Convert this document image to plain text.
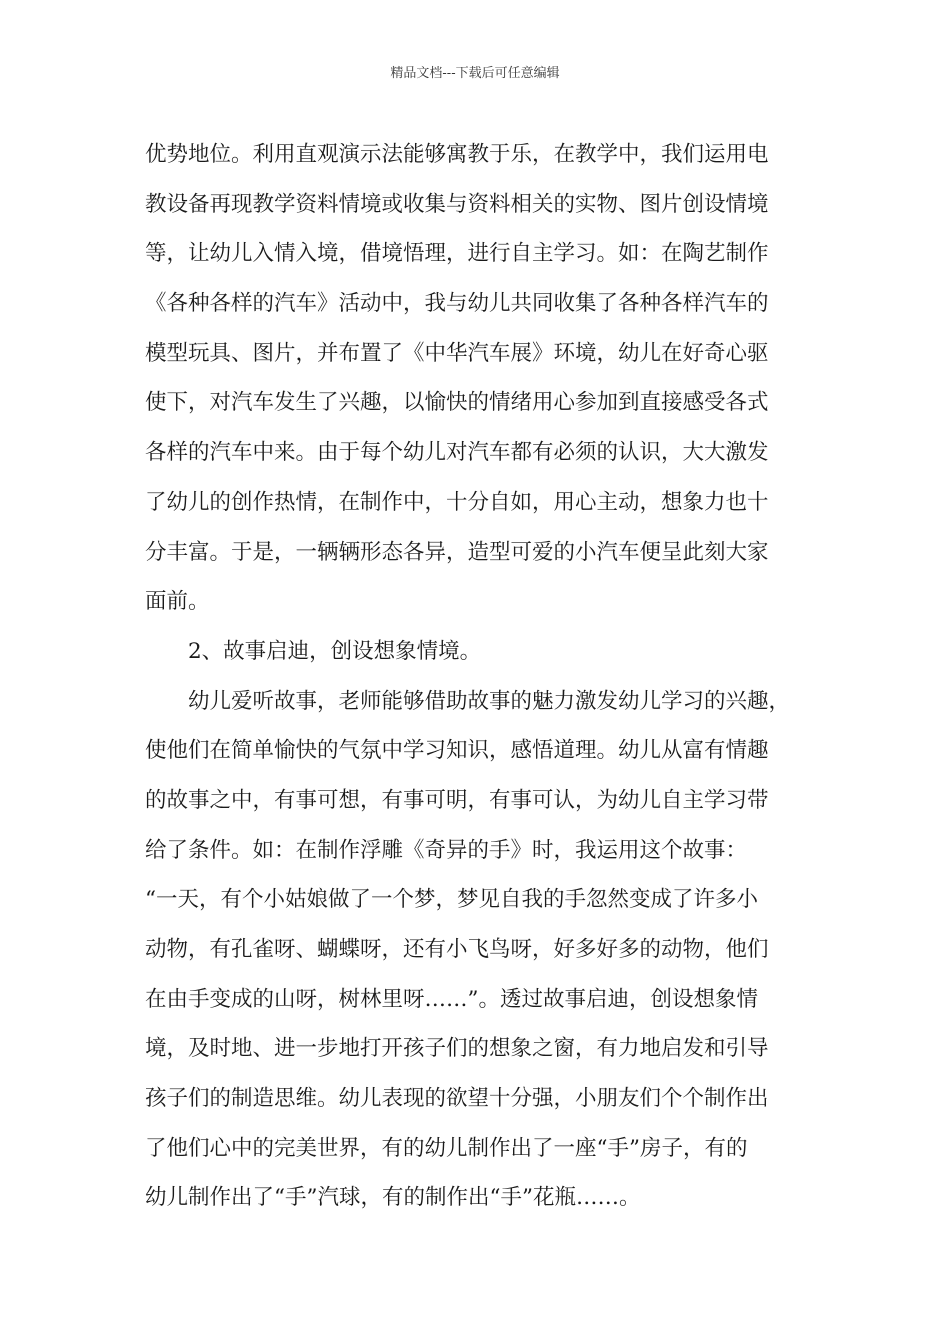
精品文档---下载后可任意编辑
优势地位。利用直观演示法能够寓教于乐，在教学中，我们运用电
教设备再现教学资料情境或收集与资料相关的实物、图片创设情境
等，让幼儿入情入境，借境悟理，进行自主学习。如：在陶艺制作
《各种各样的汽车》活动中，我与幼儿共同收集了各种各样汽车的
模型玩具、图片，并布置了《中华汽车展》环境，幼儿在好奇心驱
使下，对汽车发生了兴趣，以愉快的情绪用心参加到直接感受各式
各样的汽车中来。由于每个幼儿对汽车都有必须的认识，大大激发
了幼儿的创作热情，在制作中，十分自如，用心主动，想象力也十
分丰富。于是，一辆辆形态各异，造型可爱的小汽车便呈此刻大家
面前。
2、故事启迪，创设想象情境。
幼儿爱听故事，老师能够借助故事的魅力激发幼儿学习的兴趣，
使他们在简单愉快的气氛中学习知识，感悟道理。幼儿从富有情趣
的故事之中，有事可想，有事可明，有事可认，为幼儿自主学习带
给了条件。如：在制作浮雕《奇异的手》时，我运用这个故事：
“一天，有个小姑娘做了一个梦，梦见自我的手忽然变成了许多小
动物，有孔雀呀、蝴蝶呀，还有小飞鸟呀，好多好多的动物，他们
在由手变成的山呀，树林里呀……”。透过故事启迪，创设想象情
境，及时地、进一步地打开孩子们的想象之窗，有力地启发和引导
孩子们的制造思维。幼儿表现的欲望十分强，小朋友们个个制作出
了他们心中的完美世界，有的幼儿制作出了一座“手”房子，有的
幼儿制作出了“手”汽球，有的制作出“手”花瓶……。
